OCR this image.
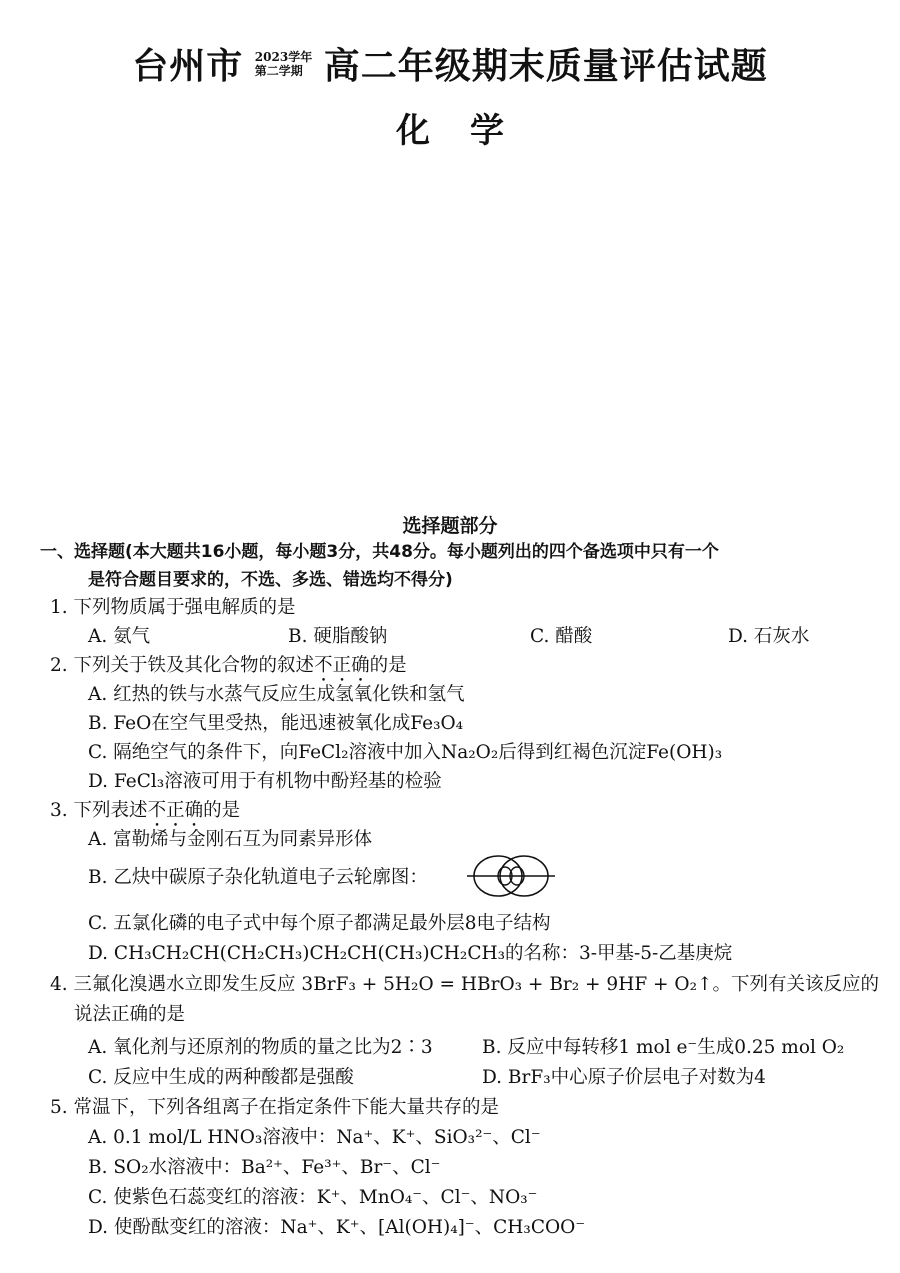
台州市 2023学年
第二学期 高二年级期末质量评估试题
化学
选择题部分
一、选择题(本大题共16小题，每小题3分，共48分。每小题列出的四个备选项中只有一个
是符合题目要求的，不选、多选、错选均不得分)
1. 下列物质属于强电解质的是
A. 氨气	B. 硬脂酸钠	C. 醋酸	D. 石灰水
2. 下列关于铁及其化合物的叙述不正确的是
A. 红热的铁与水蒸气反应生成氢氧化铁和氢气
B. FeO在空气里受热，能迅速被氧化成Fe₃O₄
C. 隔绝空气的条件下，向FeCl₂溶液中加入Na₂O₂后得到红褐色沉淀Fe(OH)₃
D. FeCl₃溶液可用于有机物中酚羟基的检验
3. 下列表述不正确的是
A. 富勒烯与金刚石互为同素异形体
B. 乙炔中碳原子杂化轨道电子云轮廓图：
C. 五氯化磷的电子式中每个原子都满足最外层8电子结构
D. CH₃CH₂CH(CH₂CH₃)CH₂CH(CH₃)CH₂CH₃的名称：3-甲基-5-乙基庚烷
4. 三氟化溴遇水立即发生反应 3BrF₃ + 5H₂O = HBrO₃ + Br₂ + 9HF + O₂↑。下列有关该反应的
说法正确的是
A. 氧化剂与还原剂的物质的量之比为2∶3	B. 反应中每转移1 mol e⁻生成0.25 mol O₂
C. 反应中生成的两种酸都是强酸	D. BrF₃中心原子价层电子对数为4
5. 常温下，下列各组离子在指定条件下能大量共存的是
A. 0.1 mol/L HNO₃溶液中：Na⁺、K⁺、SiO₃²⁻、Cl⁻
B. SO₂水溶液中：Ba²⁺、Fe³⁺、Br⁻、Cl⁻
C. 使紫色石蕊变红的溶液：K⁺、MnO₄⁻、Cl⁻、NO₃⁻
D. 使酚酞变红的溶液：Na⁺、K⁺、[Al(OH)₄]⁻、CH₃COO⁻
